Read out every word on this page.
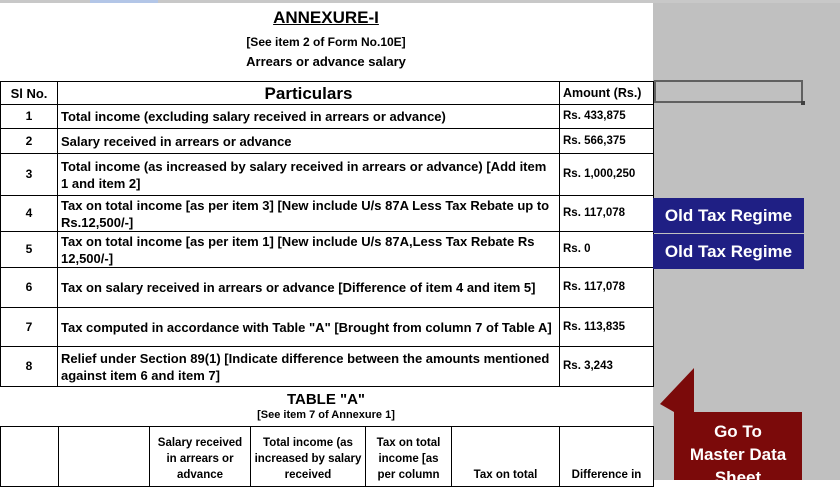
ANNEXURE-I
[See item 2 of Form No.10E]
Arrears or advance salary
Sl No.	Particulars	Amount (Rs.)
1	Total income (excluding salary received in arrears or advance)	Rs. 433,875
2	Salary received in arrears or advance	Rs. 566,375
3	Total income (as increased by salary received in arrears or advance) [Add item 1 and item 2]	Rs. 1,000,250
4	Tax on total income [as per item 3] [New include U/s 87A Less Tax Rebate up to Rs.12,500/-]	Rs. 117,078
5	Tax on total income [as per item 1] [New include U/s 87A,Less Tax Rebate Rs 12,500/-]	Rs. 0
6	Tax on salary received in arrears or advance [Difference of item 4 and item 5]	Rs. 117,078
7	Tax computed in accordance with Table "A" [Brought from column 7 of Table A]	Rs. 113,835
8	Relief under Section 89(1) [Indicate difference between the amounts mentioned against item 6 and item 7]	Rs. 3,243
TABLE "A"
[See item 7 of Annexure 1]
		Salary received in arrears or advance	Total income (as increased by salary received	Tax on total income [as per column	Tax on total	Difference in
Old Tax Regime
Old Tax Regime
Go To
Master Data
Sheet
